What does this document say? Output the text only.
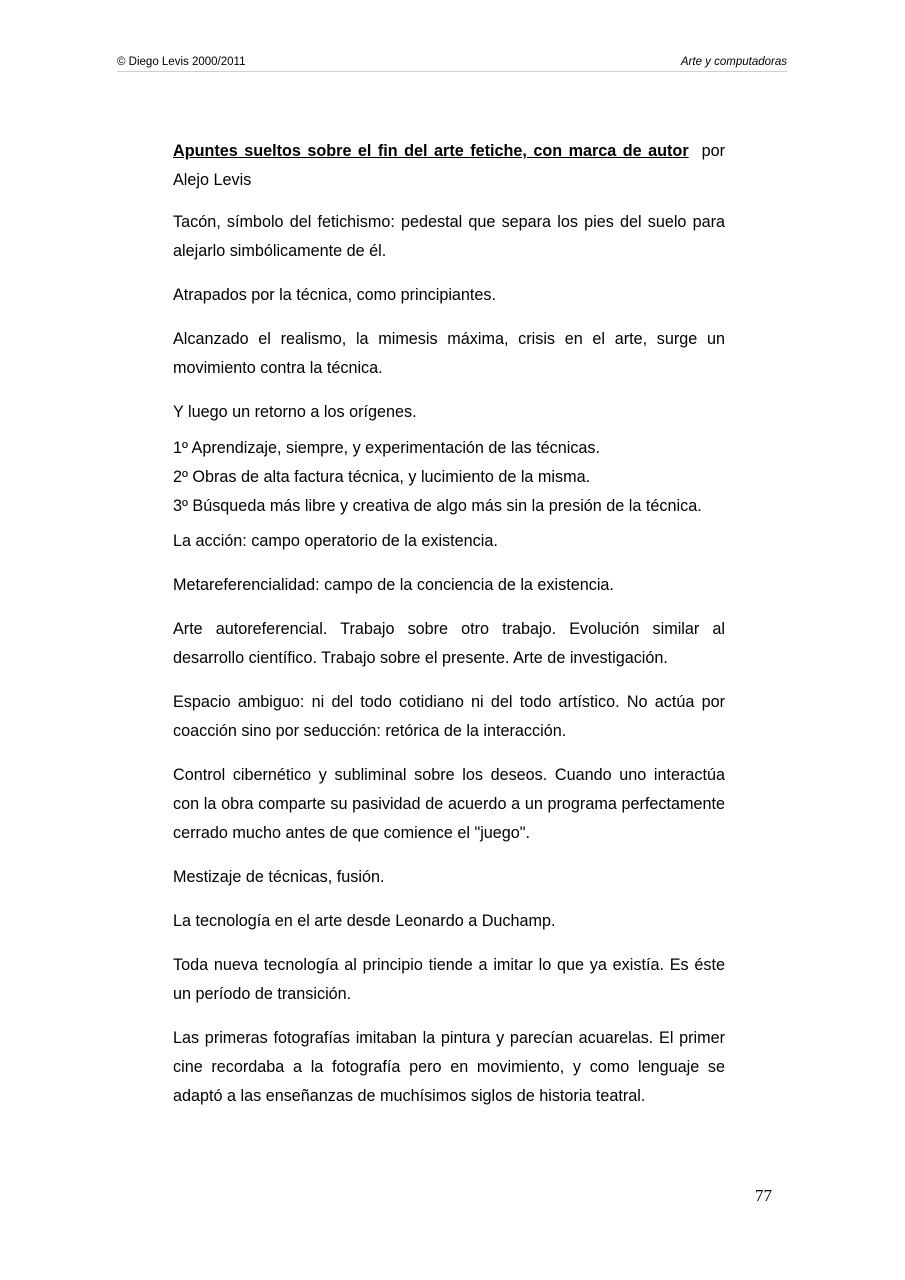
© Diego Levis 2000/2011	Arte y computadoras

Apuntes sueltos sobre el fin del arte fetiche, con marca de autor por Alejo Levis

Tacón, símbolo del fetichismo: pedestal que separa los pies del suelo para alejarlo simbólicamente de él.

Atrapados por la técnica, como principiantes.

Alcanzado el realismo, la mimesis máxima, crisis en el arte, surge un movimiento contra la técnica.

Y luego un retorno a los orígenes.

1º Aprendizaje, siempre, y experimentación de las técnicas.
2º Obras de alta factura técnica, y lucimiento de la misma.
3º Búsqueda más libre y creativa de algo más sin la presión de la técnica.

La acción: campo operatorio de la existencia.

Metareferencialidad: campo de la conciencia de la existencia.

Arte autoreferencial. Trabajo sobre otro trabajo. Evolución similar al desarrollo científico. Trabajo sobre el presente. Arte de investigación.

Espacio ambiguo: ni del todo cotidiano ni del todo artístico. No actúa por coacción sino por seducción: retórica de la interacción.

Control cibernético y subliminal sobre los deseos. Cuando uno interactúa con la obra comparte su pasividad de acuerdo a un programa perfectamente cerrado mucho antes de que comience el "juego".

Mestizaje de técnicas, fusión.

La tecnología en el arte desde Leonardo a Duchamp.

Toda nueva tecnología al principio tiende a imitar lo que ya existía. Es éste un período de transición.

Las primeras fotografías imitaban la pintura y parecían acuarelas. El primer cine recordaba a la fotografía pero en movimiento, y como lenguaje se adaptó a las enseñanzas de muchísimos siglos de historia teatral.

77
